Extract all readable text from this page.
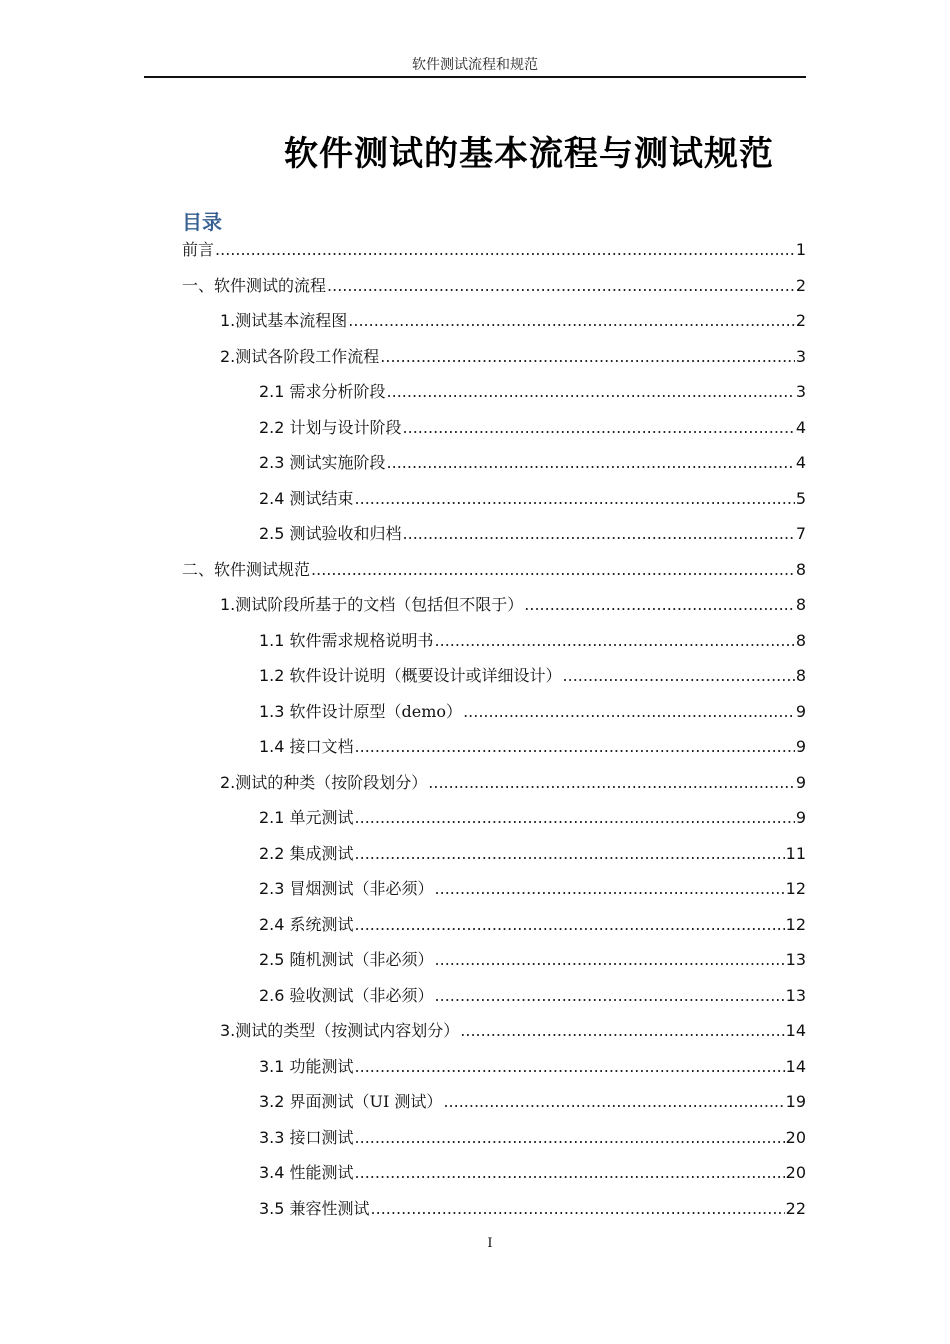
软件测试流程和规范
软件测试的基本流程与测试规范
目录
前言 .....	1
一、软件测试的流程 .....	2
1.测试基本流程图 .....	2
2.测试各阶段工作流程 .....	3
2.1 需求分析阶段 .....	3
2.2 计划与设计阶段 .....	4
2.3 测试实施阶段 .....	4
2.4 测试结束 .....	5
2.5 测试验收和归档 .....	7
二、软件测试规范 .....	8
1.测试阶段所基于的文档（包括但不限于） .....	8
1.1 软件需求规格说明书 .....	8
1.2 软件设计说明（概要设计或详细设计） .....	8
1.3 软件设计原型（demo） .....	9
1.4 接口文档 .....	9
2.测试的种类（按阶段划分） .....	9
2.1 单元测试 .....	9
2.2 集成测试 .....	11
2.3 冒烟测试（非必须） .....	12
2.4 系统测试 .....	12
2.5 随机测试（非必须） .....	13
2.6 验收测试（非必须） .....	13
3.测试的类型（按测试内容划分） .....	14
3.1 功能测试 .....	14
3.2 界面测试（UI 测试） .....	19
3.3 接口测试 .....	20
3.4 性能测试 .....	20
3.5 兼容性测试 .....	22
I
